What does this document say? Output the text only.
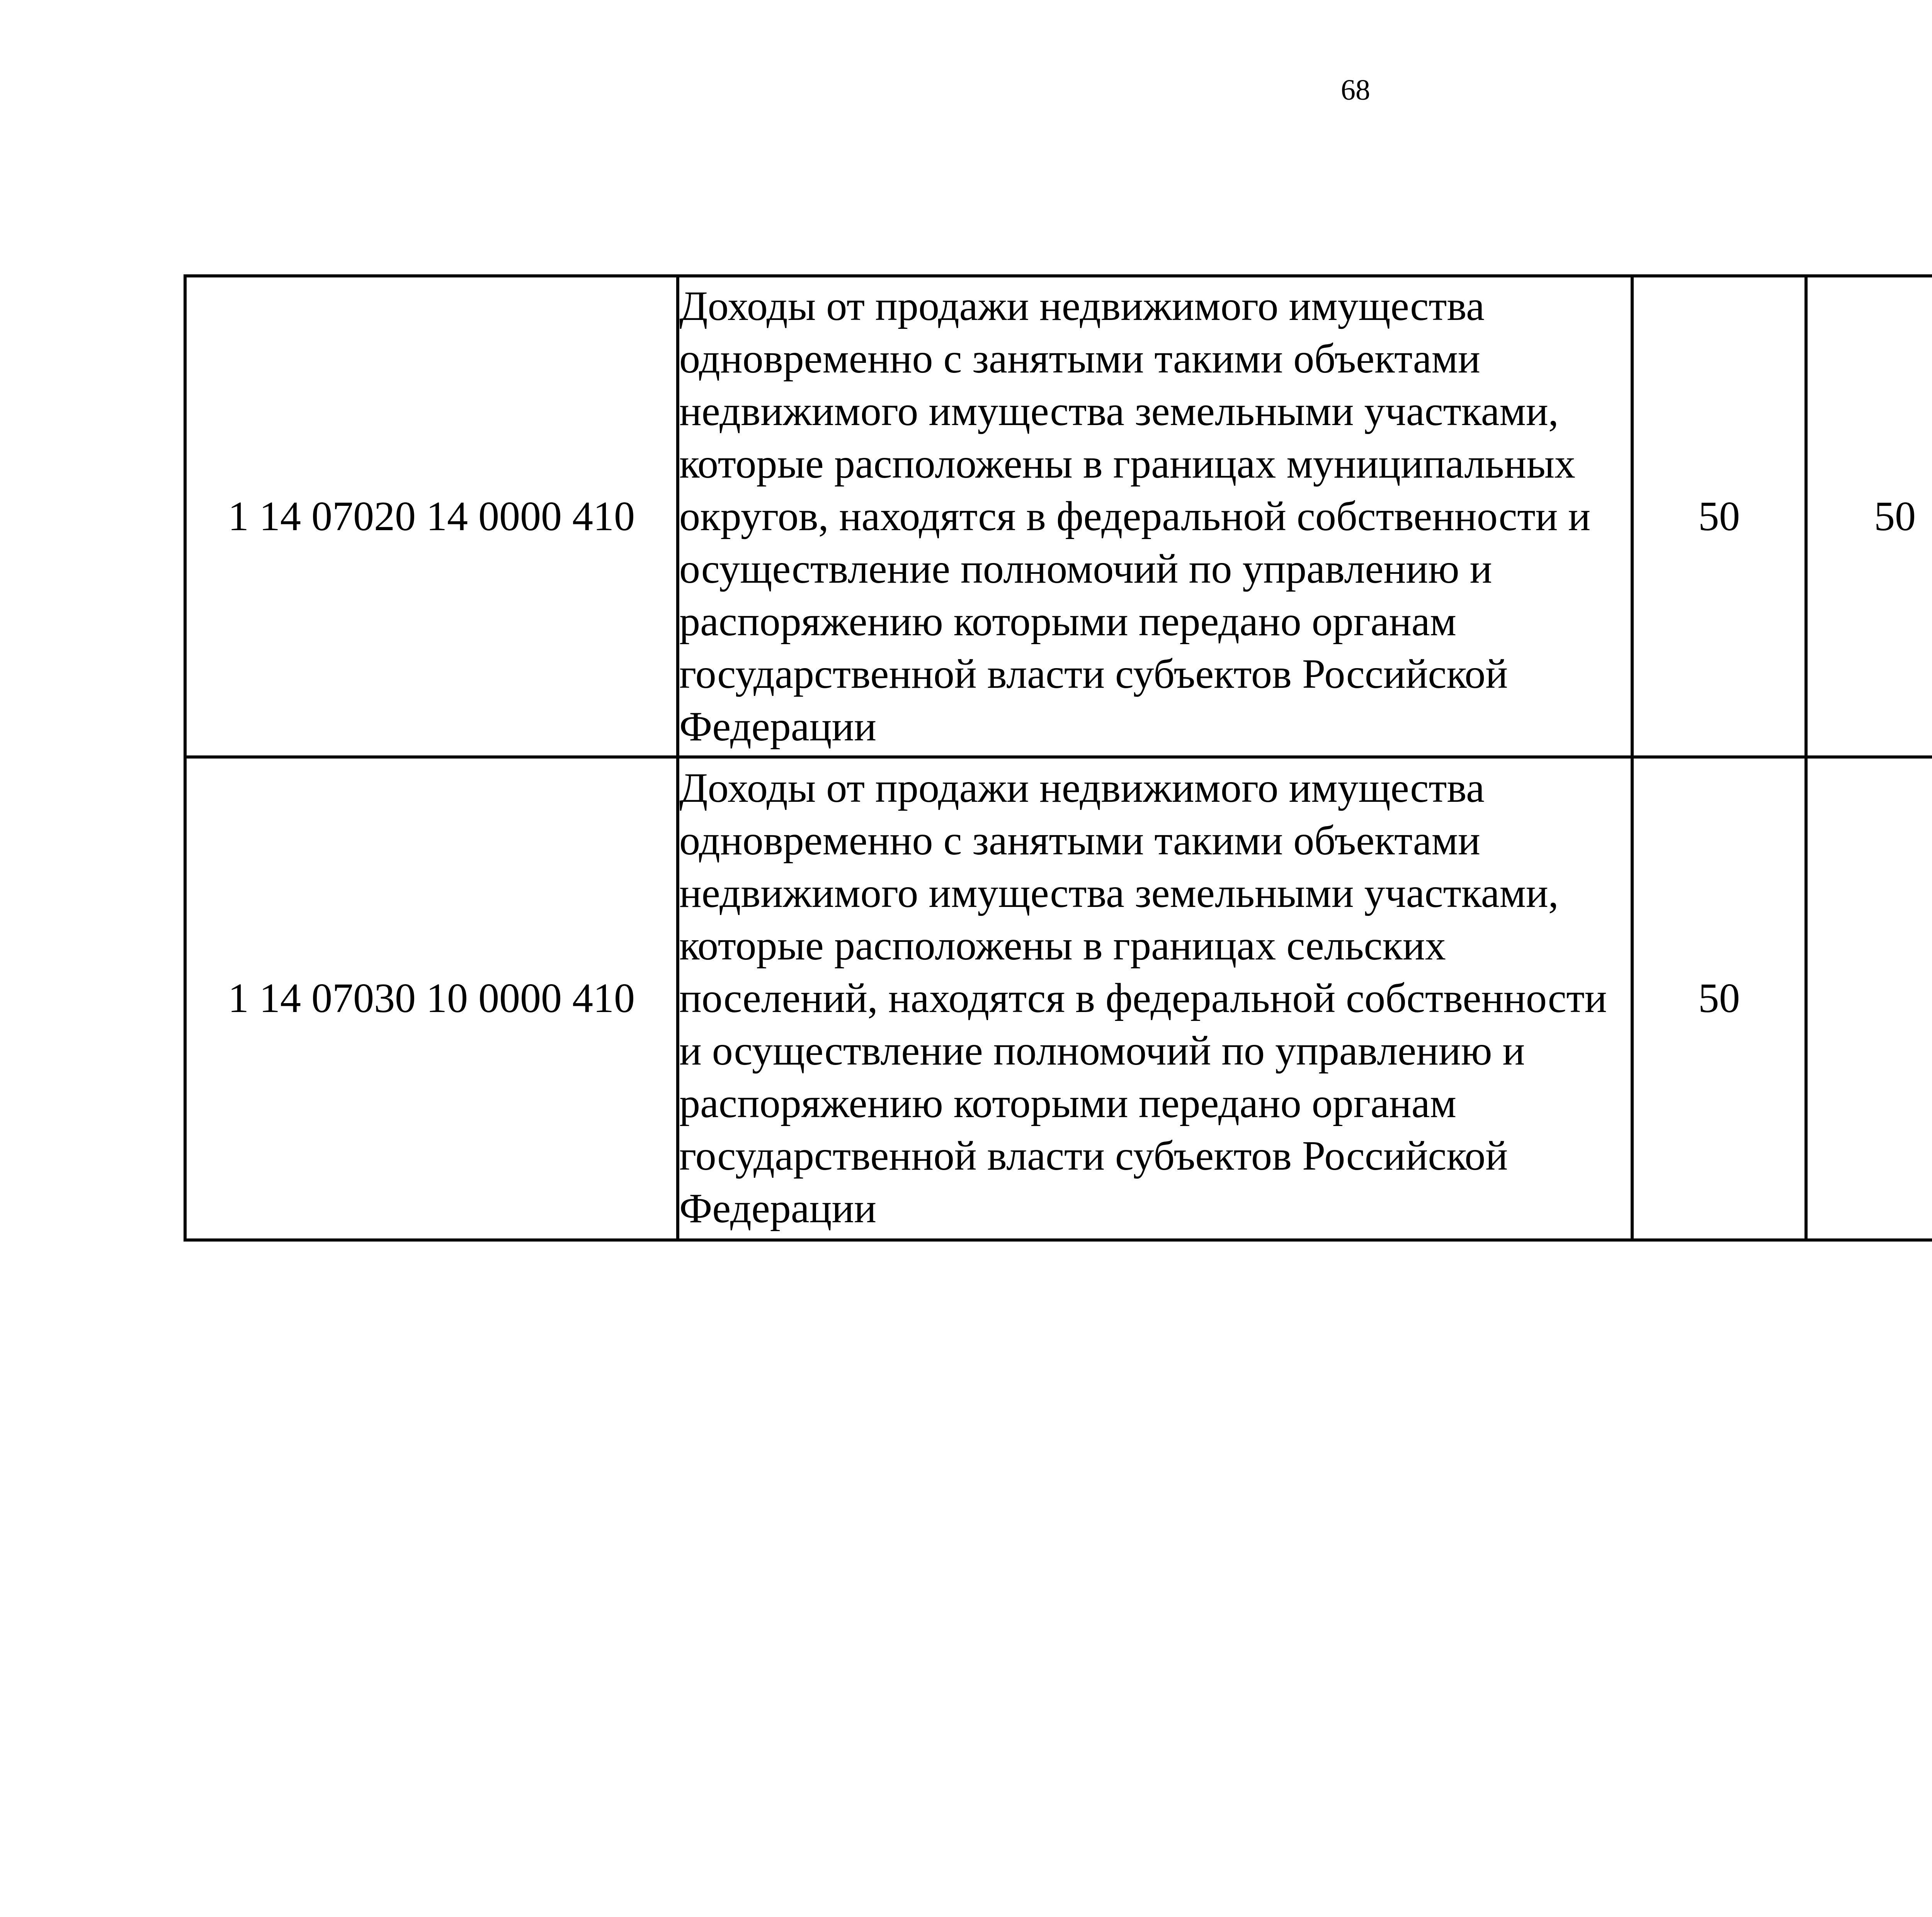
68
1 14 07020 14 0000 410	Доходы от продажи недвижимого имущества одновременно с занятыми такими объектами недвижимого имущества земельными участками, которые расположены в границах муниципальных округов, находятся в федеральной собственности и осуществление полномочий по управлению и распоряжению которыми передано органам государственной власти субъектов Российской Федерации	50	50			
1 14 07030 10 0000 410	Доходы от продажи недвижимого имущества одновременно с занятыми такими объектами недвижимого имущества земельными участками, которые расположены в границах сельских поселений, находятся в федеральной собственности и осуществление полномочий по управлению и распоряжению которыми передано органам государственной власти субъектов Российской Федерации	50				
